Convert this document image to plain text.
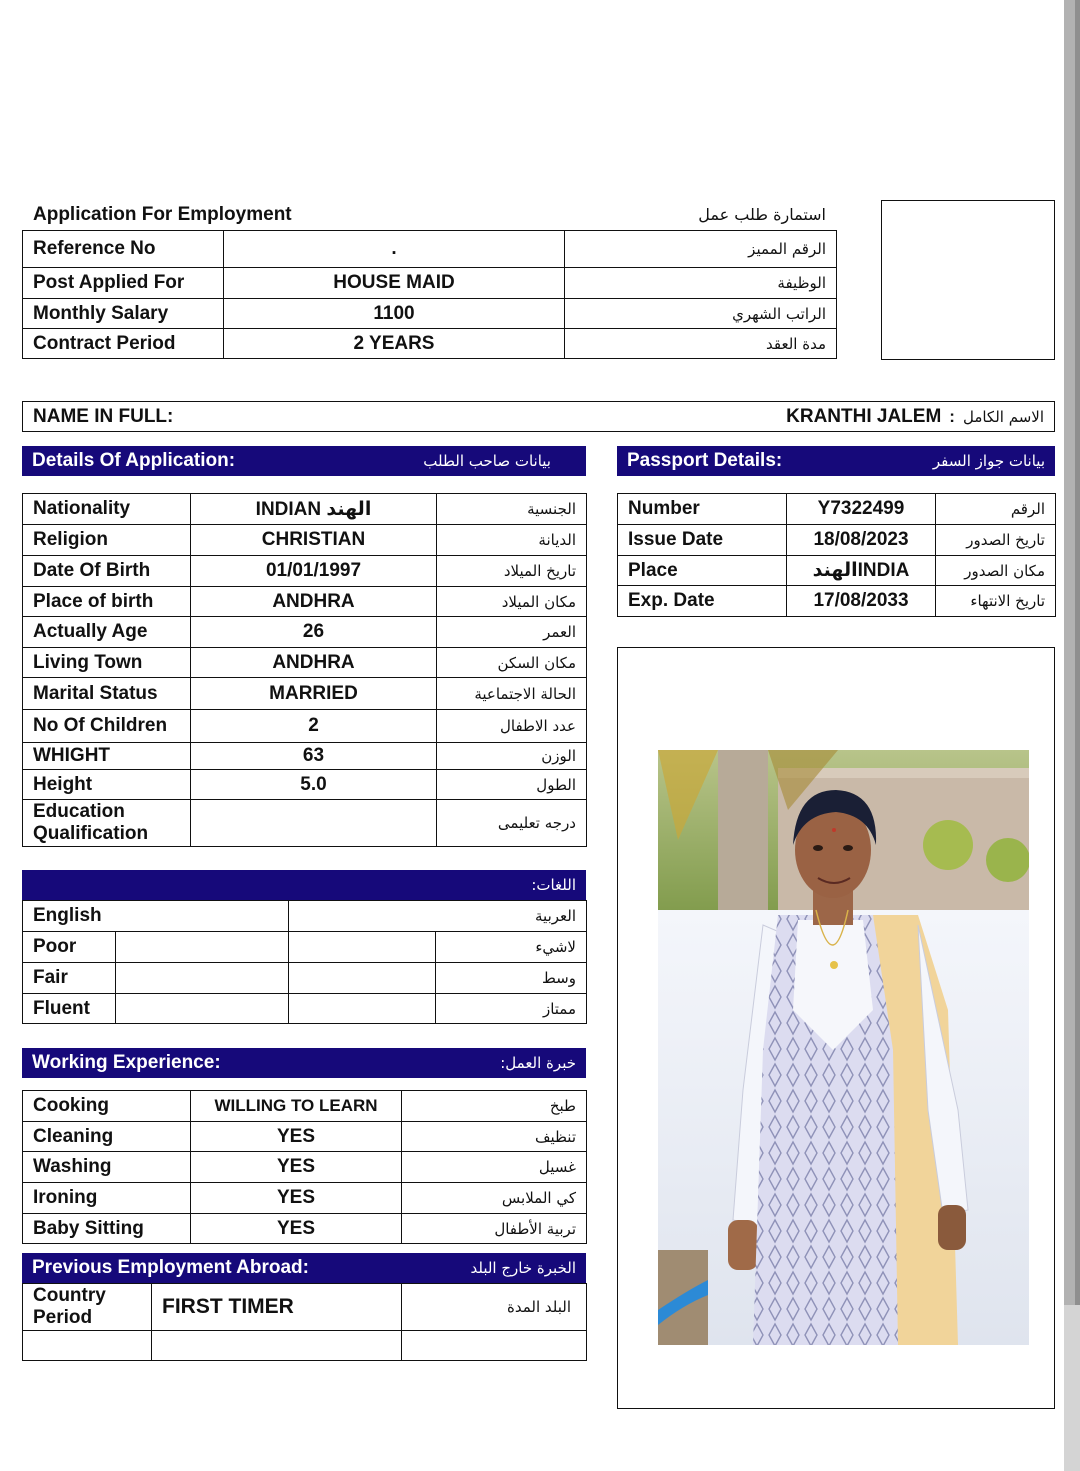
Application For Employment	استمارة طلب عمل
Reference No	.	الرقم المميز
Post Applied For	HOUSE MAID	الوظيفة
Monthly Salary	1100	الراتب الشهري
Contract Period	2 YEARS	مدة العقد
NAME IN FULL:	KRANTHI JALEM : الاسم الكامل
Details Of Application:	بيانات صاحب الطلب	Passport Details:	بيانات جواز السفر
Nationality	INDIAN الهند	الجنسية
Religion	CHRISTIAN	الديانة
Date Of Birth	01/01/1997	تاريخ الميلاد
Place of birth	ANDHRA	مكان الميلاد
Actually Age	26	العمر
Living Town	ANDHRA	مكان السكن
Marital Status	MARRIED	الحالة الاجتماعية
No Of Children	2	عدد الاطفال
WHIGHT	63	الوزن
Height	5.0	الطول
Education Qualification		درجه تعليمى
Number	Y7322499	الرقم
Issue Date	18/08/2023	تاريخ الصدور
Place	الهندINDIA	مكان الصدور
Exp. Date	17/08/2033	تاريخ الانتهاء
اللغات:
English		العربية	
Poor			لاشيء
Fair			وسط
Fluent			ممتاز
Working Experience:	خبرة العمل:
Cooking	WILLING TO LEARN	طبخ
Cleaning	YES	تنظيف
Washing	YES	غسيل
Ironing	YES	كي الملابس
Baby Sitting	YES	تربية الأطفال
Previous Employment Abroad:	الخبرة خارج البلد
Country Period	FIRST TIMER	البلد المدة
